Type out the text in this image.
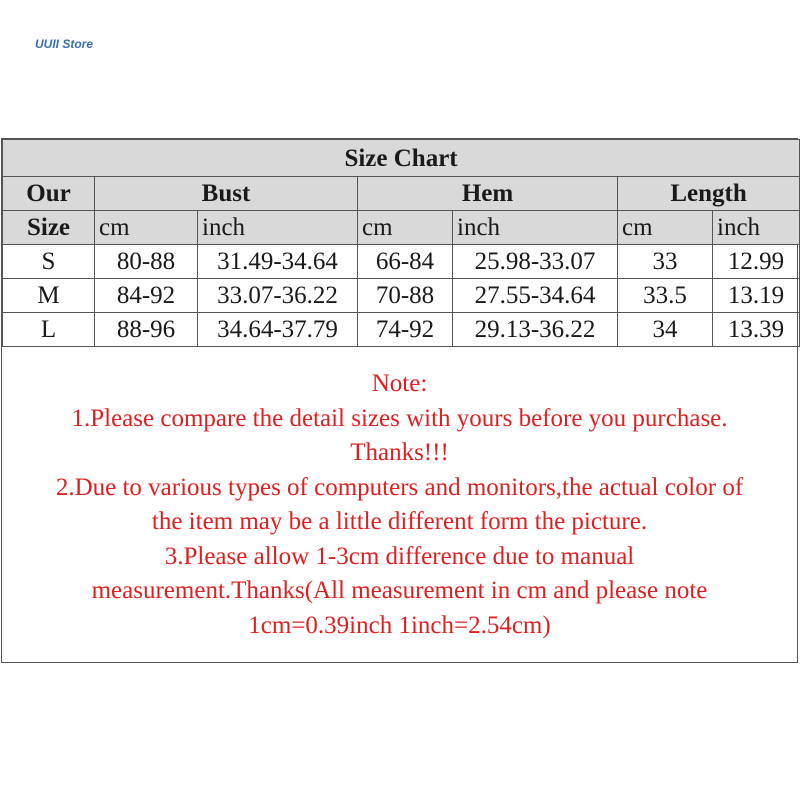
UUII Store
Size Chart						
Our	Bust		Hem		Length	
Size	cm	inch	cm	inch	cm	inch
S	80-88	31.49-34.64	66-84	25.98-33.07	33	12.99
M	84-92	33.07-36.22	70-88	27.55-34.64	33.5	13.19
L	88-96	34.64-37.79	74-92	29.13-36.22	34	13.39
Note:
1.Please compare the detail sizes with yours before you purchase.
Thanks!!!
2.Due to various types of computers and monitors,the actual color of
the item may be a little different form the picture.
3.Please allow 1-3cm difference due to manual
measurement.Thanks(All measurement in cm and please note
1cm=0.39inch 1inch=2.54cm)
